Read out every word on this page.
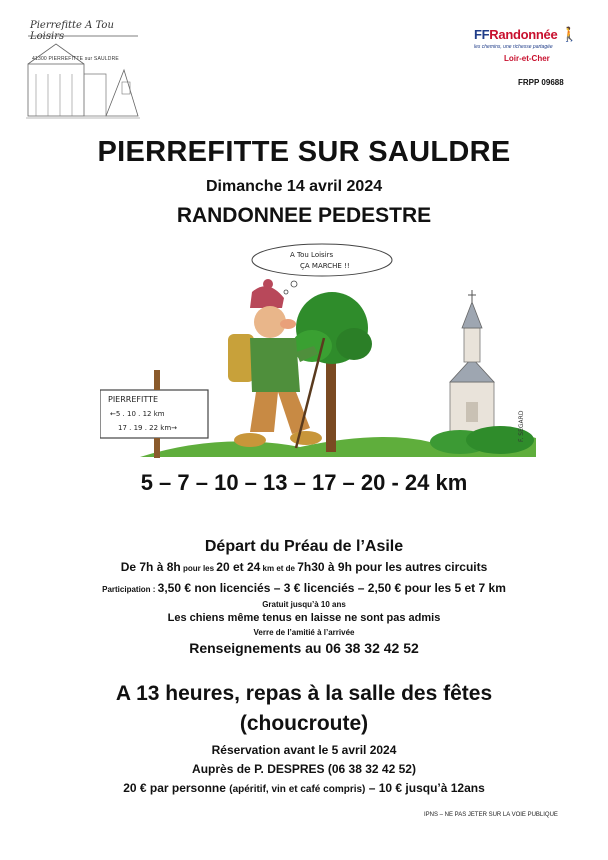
Pierrefitte A Tou Loisirs
41300 PIERREFITTE sur SAULDRE
FFRandonnée 🚶
les chemins, une richesse partagée
Loir-et-Cher
FRPP 09688
PIERREFITTE SUR SAULDRE
Dimanche 14 avril 2024
RANDONNEE PEDESTRE
PIERREFITTE
←5 . 10 . 12 km
17 . 19 . 22 km→
A Tou Loisirs
ÇA MARCHE !!
F. SEGARD
5 – 7 – 10 – 13 – 17 – 20 - 24 km
Départ du Préau de l’Asile
De 7h à 8h pour les 20 et 24 km et de 7h30 à 9h pour les autres circuits
Participation : 3,50 € non licenciés – 3 € licenciés – 2,50 € pour les 5 et 7 km
Gratuit jusqu’à 10 ans
Les chiens même tenus en laisse ne sont pas admis
Verre de l’amitié à l’arrivée
Renseignements au 06 38 32 42 52
A 13 heures, repas à la salle des fêtes
(choucroute)
Réservation avant le 5 avril 2024
Auprès de P. DESPRES (06 38 32 42 52)
20 € par personne (apéritif, vin et café compris) – 10 € jusqu’à 12ans
IPNS – NE PAS JETER SUR LA VOIE PUBLIQUE
